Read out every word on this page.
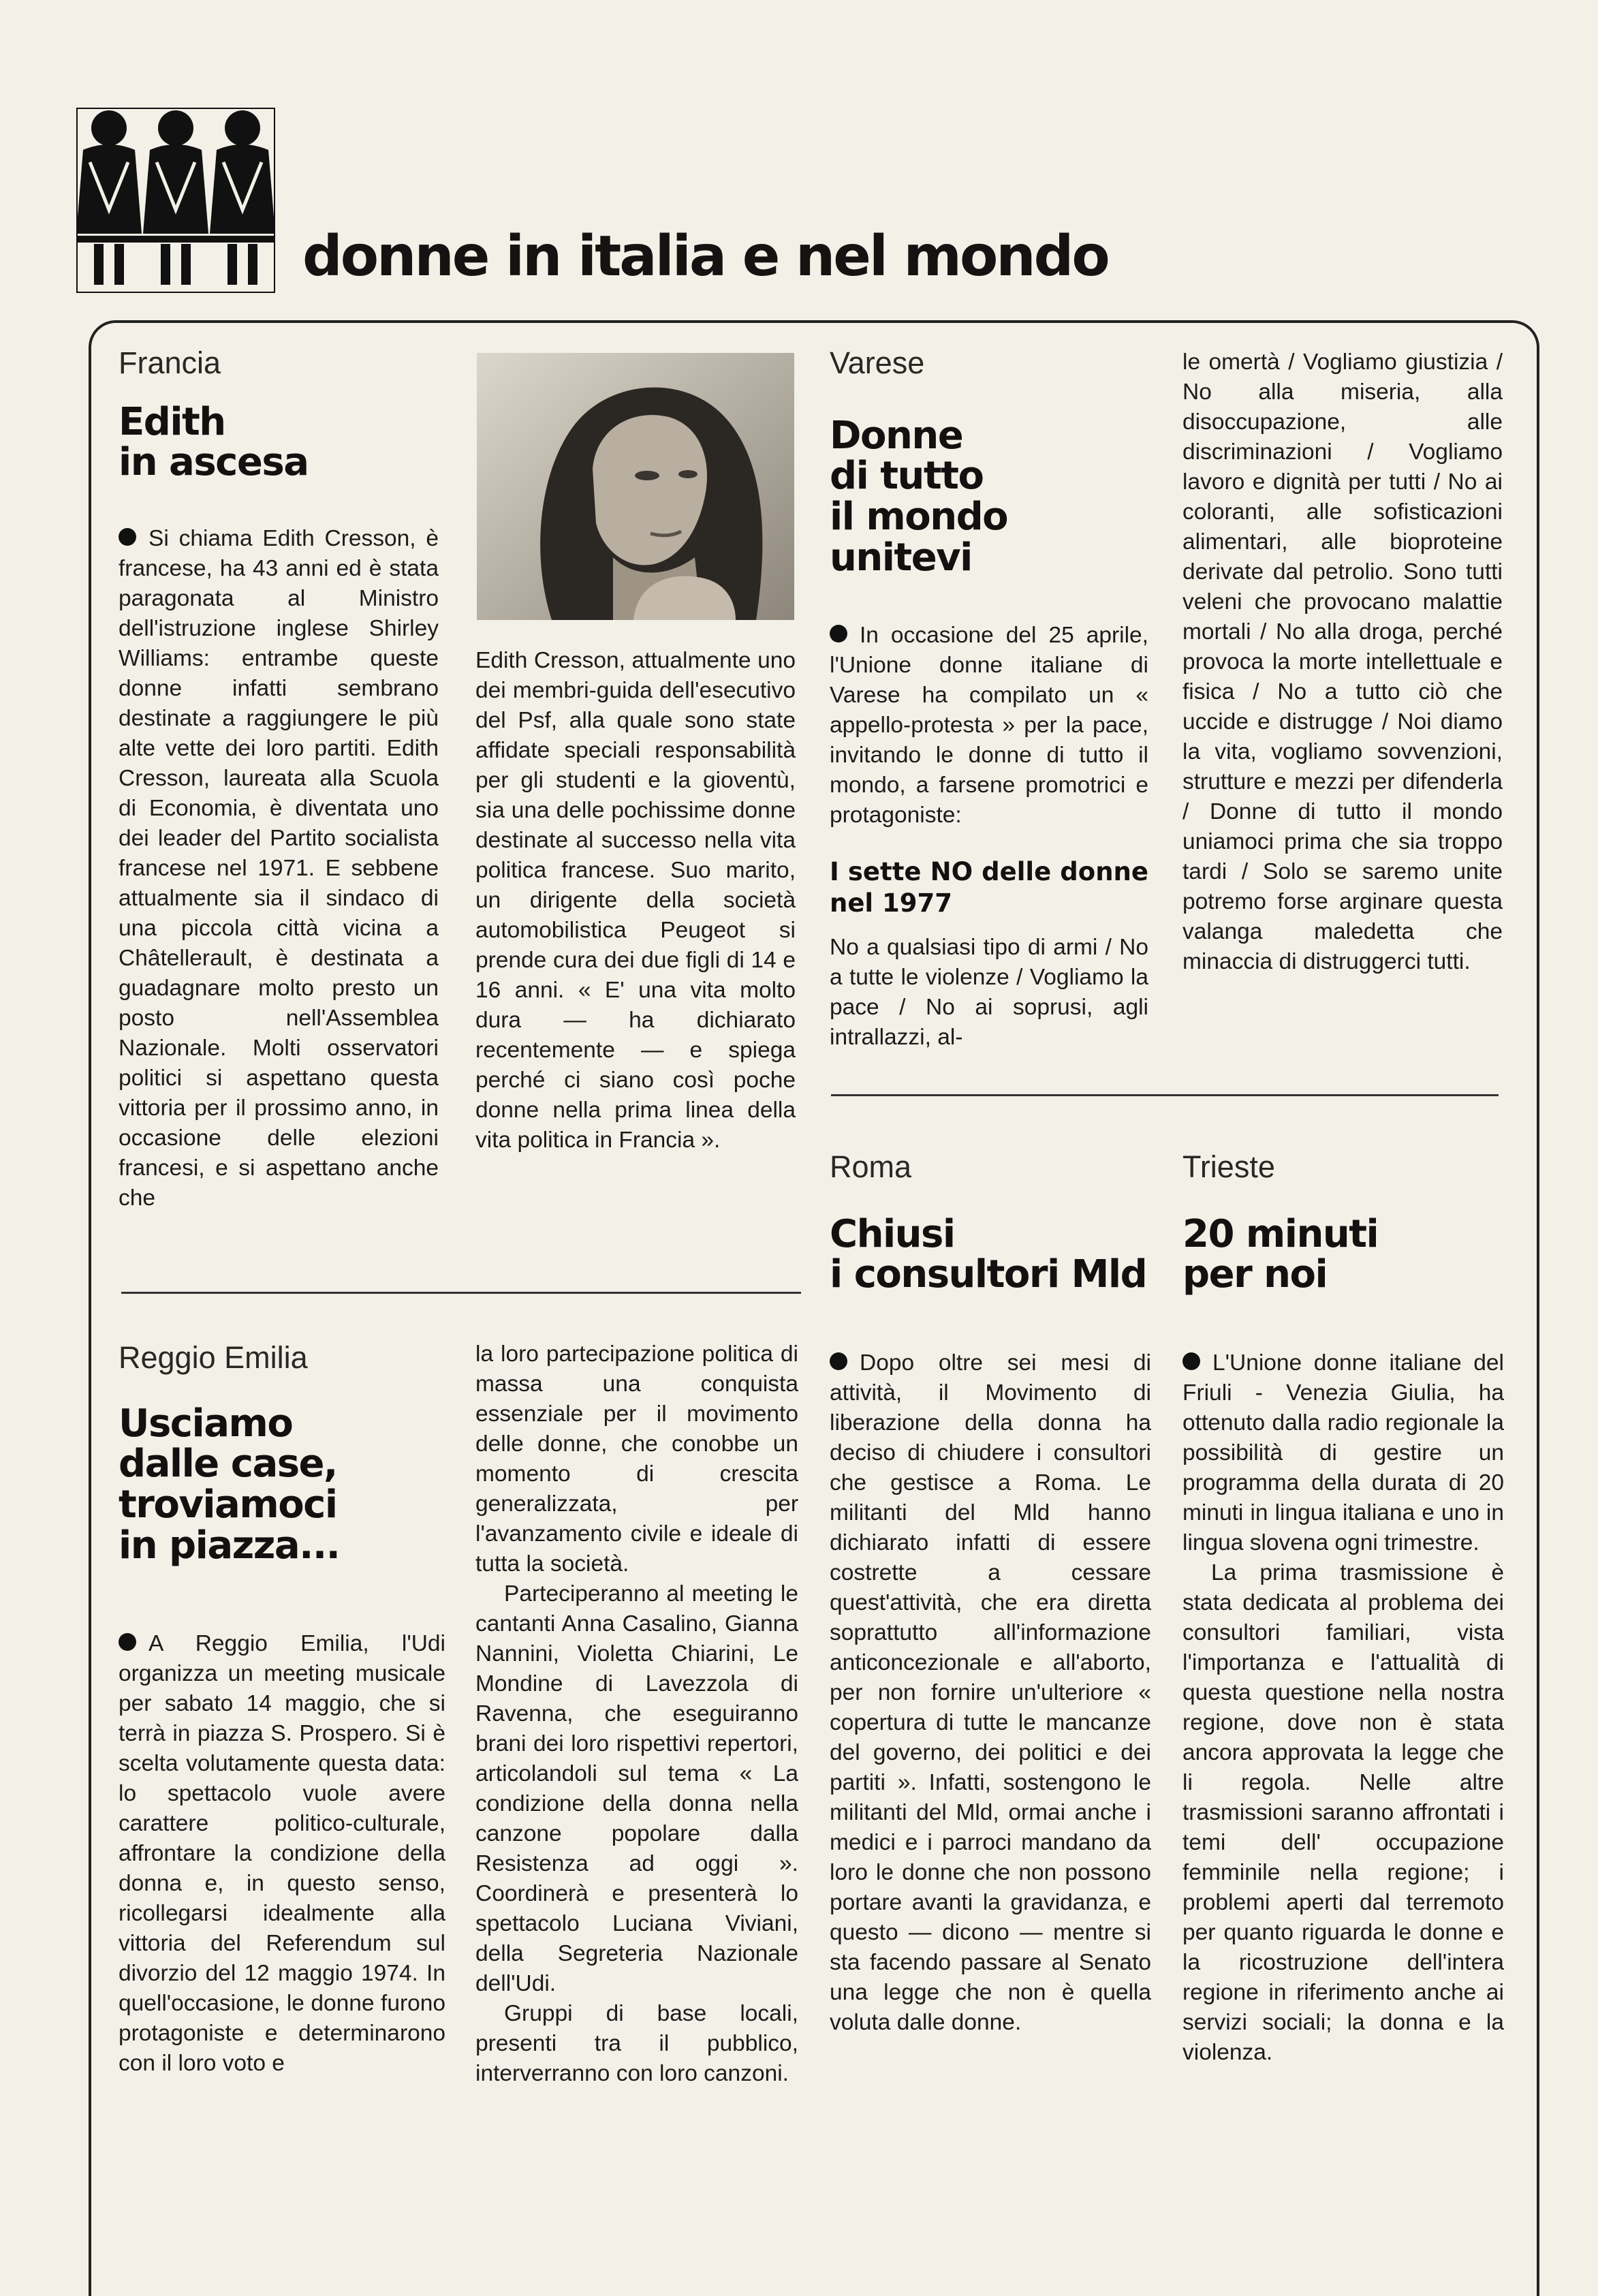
donne in italia e nel mondo
Francia
Edith
in ascesa

Si chiama Edith Cresson, è francese, ha 43 anni ed è stata paragonata al Ministro dell'istruzione inglese Shirley Williams: entrambe queste donne infatti sembrano destinate a raggiungere le più alte vette dei loro partiti. Edith Cresson, laureata alla Scuola di Economia, è diventata uno dei leader del Partito socialista francese nel 1971. E sebbene attualmente sia il sindaco di una piccola città vicina a Châtellerault, è destinata a guadagnare molto presto un posto nell'Assemblea Nazionale. Molti osservatori politici si aspettano questa vittoria per il prossimo anno, in occasione delle elezioni francesi, e si aspettano anche che

Edith Cresson, attualmente uno dei membri-guida dell'esecutivo del Psf, alla quale sono state affidate speciali responsabilità per gli studenti e la gioventù, sia una delle pochissime donne destinate al successo nella vita politica francese. Suo marito, un dirigente della società automobilistica Peugeot si prende cura dei due figli di 14 e 16 anni. « E' una vita molto dura — ha dichiarato recentemente — e spiega perché ci siano così poche donne nella prima linea della vita politica in Francia ».
Varese
Donne
di tutto
il mondo
unitevi

In occasione del 25 aprile, l'Unione donne italiane di Varese ha compilato un « appello-protesta » per la pace, invitando le donne di tutto il mondo, a farsene promotrici e protagoniste:

I sette NO delle donne nel 1977

No a qualsiasi tipo di armi / No a tutte le violenze / Vogliamo la pace / No ai soprusi, agli intrallazzi, al-

le omertà / Vogliamo giustizia / No alla miseria, alla disoccupazione, alle discriminazioni / Vogliamo lavoro e dignità per tutti / No ai coloranti, alle sofisticazioni alimentari, alle bioproteine derivate dal petrolio. Sono tutti veleni che provocano malattie mortali / No alla droga, perché provoca la morte intellettuale e fisica / No a tutto ciò che uccide e distrugge / Noi diamo la vita, vogliamo sovvenzioni, strutture e mezzi per difenderla / Donne di tutto il mondo uniamoci prima che sia troppo tardi / Solo se saremo unite potremo forse arginare questa valanga maledetta che minaccia di distruggerci tutti.
Reggio Emilia
Usciamo
dalle case,
troviamoci
in piazza...

A Reggio Emilia, l'Udi organizza un meeting musicale per sabato 14 maggio, che si terrà in piazza S. Prospero. Si è scelta volutamente questa data: lo spettacolo vuole avere carattere politico-culturale, affrontare la condizione della donna e, in questo senso, ricollegarsi idealmente alla vittoria del Referendum sul divorzio del 12 maggio 1974. In quell'occasione, le donne furono protagoniste e determinarono con il loro voto e

la loro partecipazione politica di massa una conquista essenziale per il movimento delle donne, che conobbe un momento di crescita generalizzata, per l'avanzamento civile e ideale di tutta la società.

Parteciperanno al meeting le cantanti Anna Casalino, Gianna Nannini, Violetta Chiarini, Le Mondine di Lavezzola di Ravenna, che eseguiranno brani dei loro rispettivi repertori, articolandoli sul tema « La condizione della donna nella canzone popolare dalla Resistenza ad oggi ». Coordinerà e presenterà lo spettacolo Luciana Viviani, della Segreteria Nazionale dell'Udi.

Gruppi di base locali, presenti tra il pubblico, interverranno con loro canzoni.

Roma
Chiusi
i consultori Mld

Dopo oltre sei mesi di attività, il Movimento di liberazione della donna ha deciso di chiudere i consultori che gestisce a Roma. Le militanti del Mld hanno dichiarato infatti di essere costrette a cessare quest'attività, che era diretta soprattutto all'informazione anticoncezionale e all'aborto, per non fornire un'ulteriore « copertura di tutte le mancanze del governo, dei politici e dei partiti ». Infatti, sostengono le militanti del Mld, ormai anche i medici e i parroci mandano da loro le donne che non possono portare avanti la gravidanza, e questo — dicono — mentre si sta facendo passare al Senato una legge che non è quella voluta dalle donne.

Trieste
20 minuti
per noi

L'Unione donne italiane del Friuli - Venezia Giulia, ha ottenuto dalla radio regionale la possibilità di gestire un programma della durata di 20 minuti in lingua italiana e uno in lingua slovena ogni trimestre.

La prima trasmissione è stata dedicata al problema dei consultori familiari, vista l'importanza e l'attualità di questa questione nella nostra regione, dove non è stata ancora approvata la legge che li regola. Nelle altre trasmissioni saranno affrontati i temi dell' occupazione femminile nella regione; i problemi aperti dal terremoto per quanto riguarda le donne e la ricostruzione dell'intera regione in riferimento anche ai servizi sociali; la donna e la violenza.
